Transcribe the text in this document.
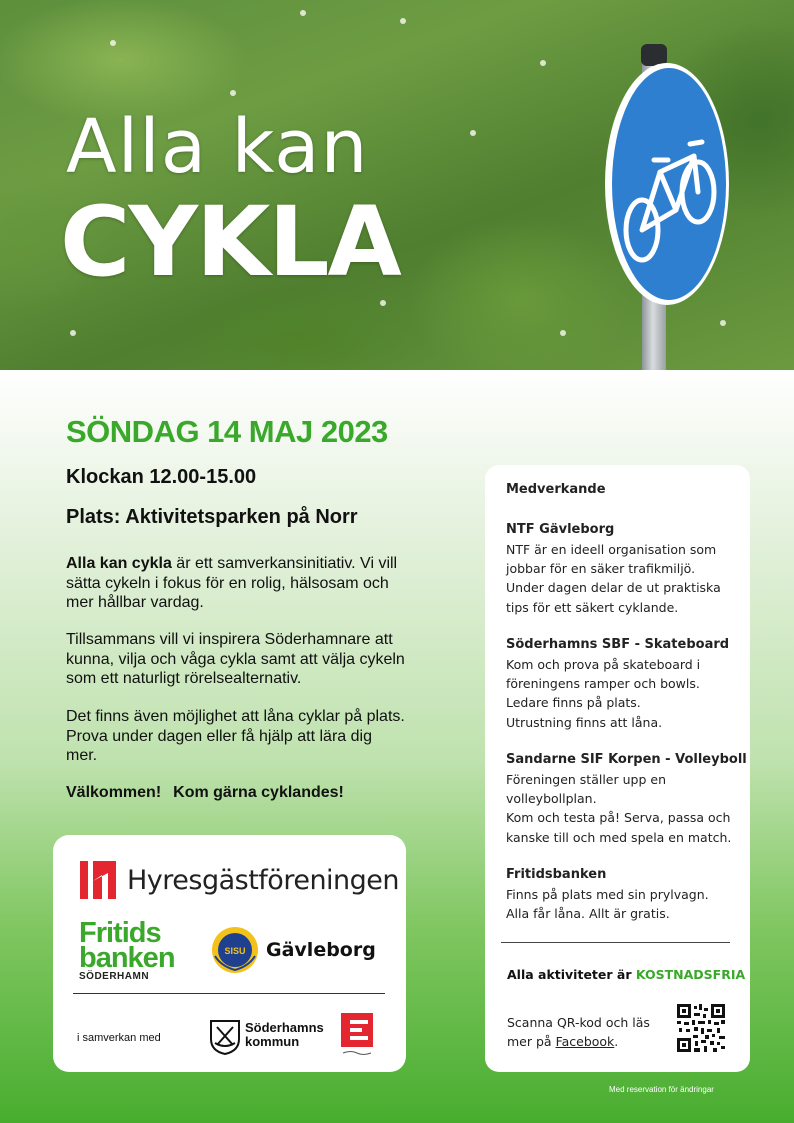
Alla kan
CYKLA
SÖNDAG 14 MAJ 2023
Klockan 12.00-15.00
Plats: Aktivitetsparken på Norr
Alla kan cykla är ett samverkansinitiativ. Vi vill sätta cykeln i fokus för en rolig, hälsosam och mer hållbar vardag.
Tillsammans vill vi inspirera Söderhamnare att kunna, vilja och våga cykla samt att välja cykeln som ett naturligt rörelsealternativ.
Det finns även möjlighet att låna cyklar på plats. Prova under dagen eller få hjälp att lära dig mer.
Välkommen! Kom gärna cyklandes!
Hyresgästföreningen
Fritids
banken
SÖDERHAMN
SISU Gävleborg
i samverkan med
Söderhamns
kommun
Medverkande
NTF Gävleborg
NTF är en ideell organisation som
jobbar för en säker trafikmiljö.
Under dagen delar de ut praktiska
tips för ett säkert cyklande.
Söderhamns SBF - Skateboard
Kom och prova på skateboard i
föreningens ramper och bowls.
Ledare finns på plats.
Utrustning finns att låna.
Sandarne SIF Korpen - Volleyboll
Föreningen ställer upp en
volleybollplan.
Kom och testa på! Serva, passa och
kanske till och med spela en match.
Fritidsbanken
Finns på plats med sin prylvagn.
Alla får låna. Allt är gratis.
Alla aktiviteter är KOSTNADSFRIA
Scanna QR-kod och läs
mer på Facebook.
Med reservation för ändringar
